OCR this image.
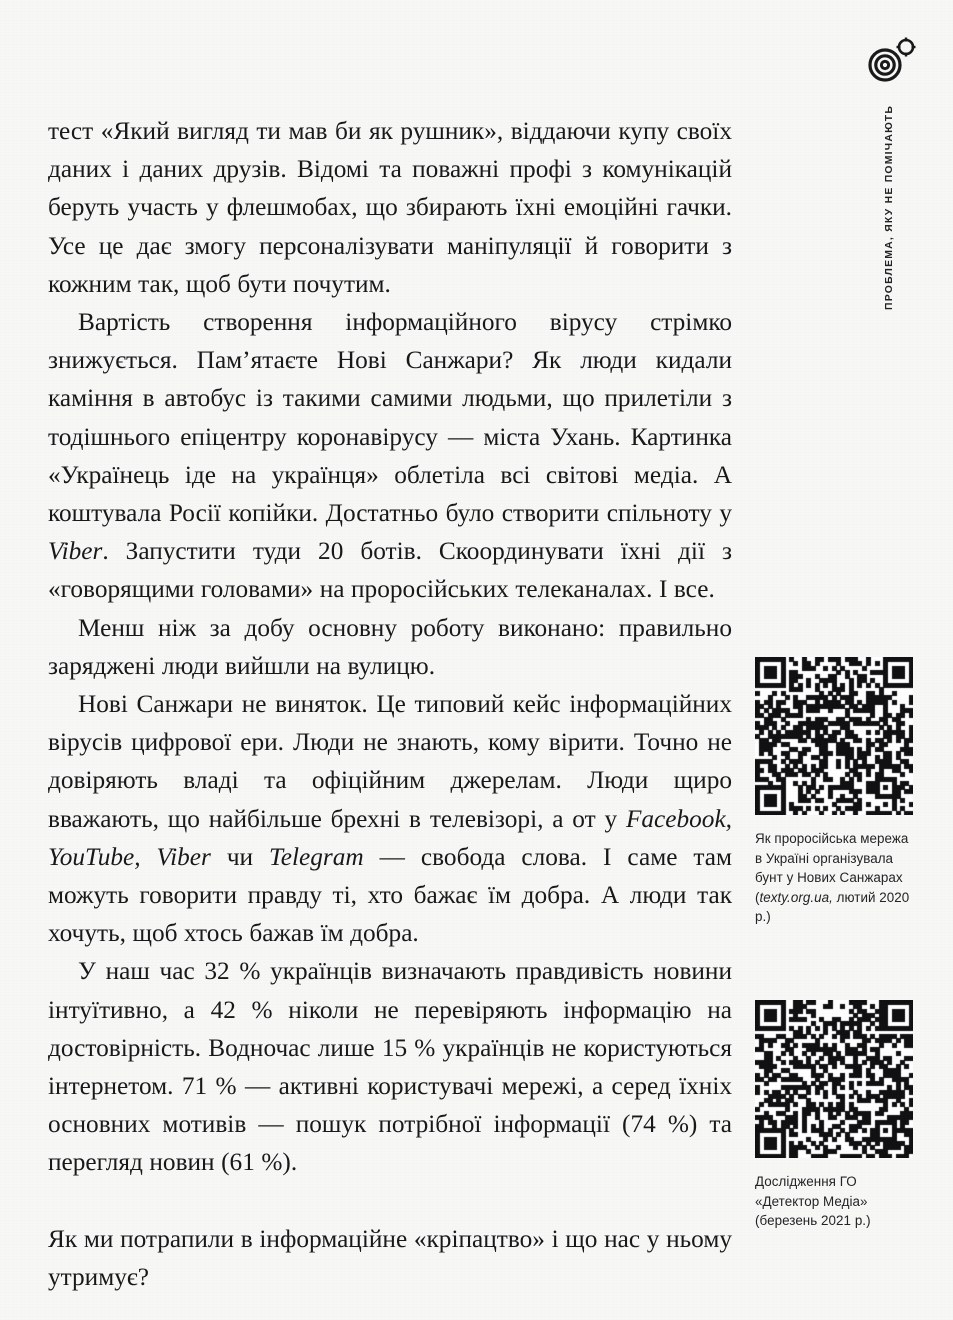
тест «Який вигляд ти мав би як рушник», віддаючи купу своїх даних і даних друзів. Відомі та поважні профі з комунікацій беруть участь у флешмобах, що збирають їхні емоційні гачки. Усе це дає змогу персоналізувати маніпуляції й говорити з кожним так, щоб бути почутим.

Вартість створення інформаційного вірусу стрімко знижується. Пам’ятаєте Нові Санжари? Як люди кидали каміння в автобус із такими самими людьми, що прилетіли з тодішнього епіцентру коронавірусу — міста Ухань. Картинка «Українець іде на українця» облетіла всі світові медіа. А коштувала Росії копійки. Достатньо було створити спільноту у Viber. Запустити туди 20 ботів. Скоординувати їхні дії з «говорящими головами» на проросійських телеканалах. І все.

Менш ніж за добу основну роботу виконано: правильно заряджені люди вийшли на вулицю.

Нові Санжари не виняток. Це типовий кейс інформаційних вірусів цифрової ери. Люди не знають, кому вірити. Точно не довіряють владі та офіційним джерелам. Люди щиро вважають, що найбільше брехні в телевізорі, а от у Facebook, YouTube, Viber чи Telegram — свобода слова. І саме там можуть говорити правду ті, хто бажає їм добра. А люди так хочуть, щоб хтось бажав їм добра.

У наш час 32 % українців визначають правдивість новини інтуїтивно, а 42 % ніколи не перевіряють інформацію на достовірність. Водночас лише 15 % українців не користуються інтернетом. 71 % — активні користувачі мережі, а серед їхніх основних мотивів — пошук потрібної інформації (74 %) та перегляд новин (61 %).

Як ми потрапили в інформаційне «кріпацтво» і що нас у ньому утримує?

ПРОБЛЕМА, ЯКУ НЕ ПОМІЧАЮТЬ
Як проросійська мережа в Україні організувала бунт у Нових Санжарах (texty.org.ua, лютий 2020 р.)
Дослідження ГО «Детектор Медіа» (березень 2021 р.)
